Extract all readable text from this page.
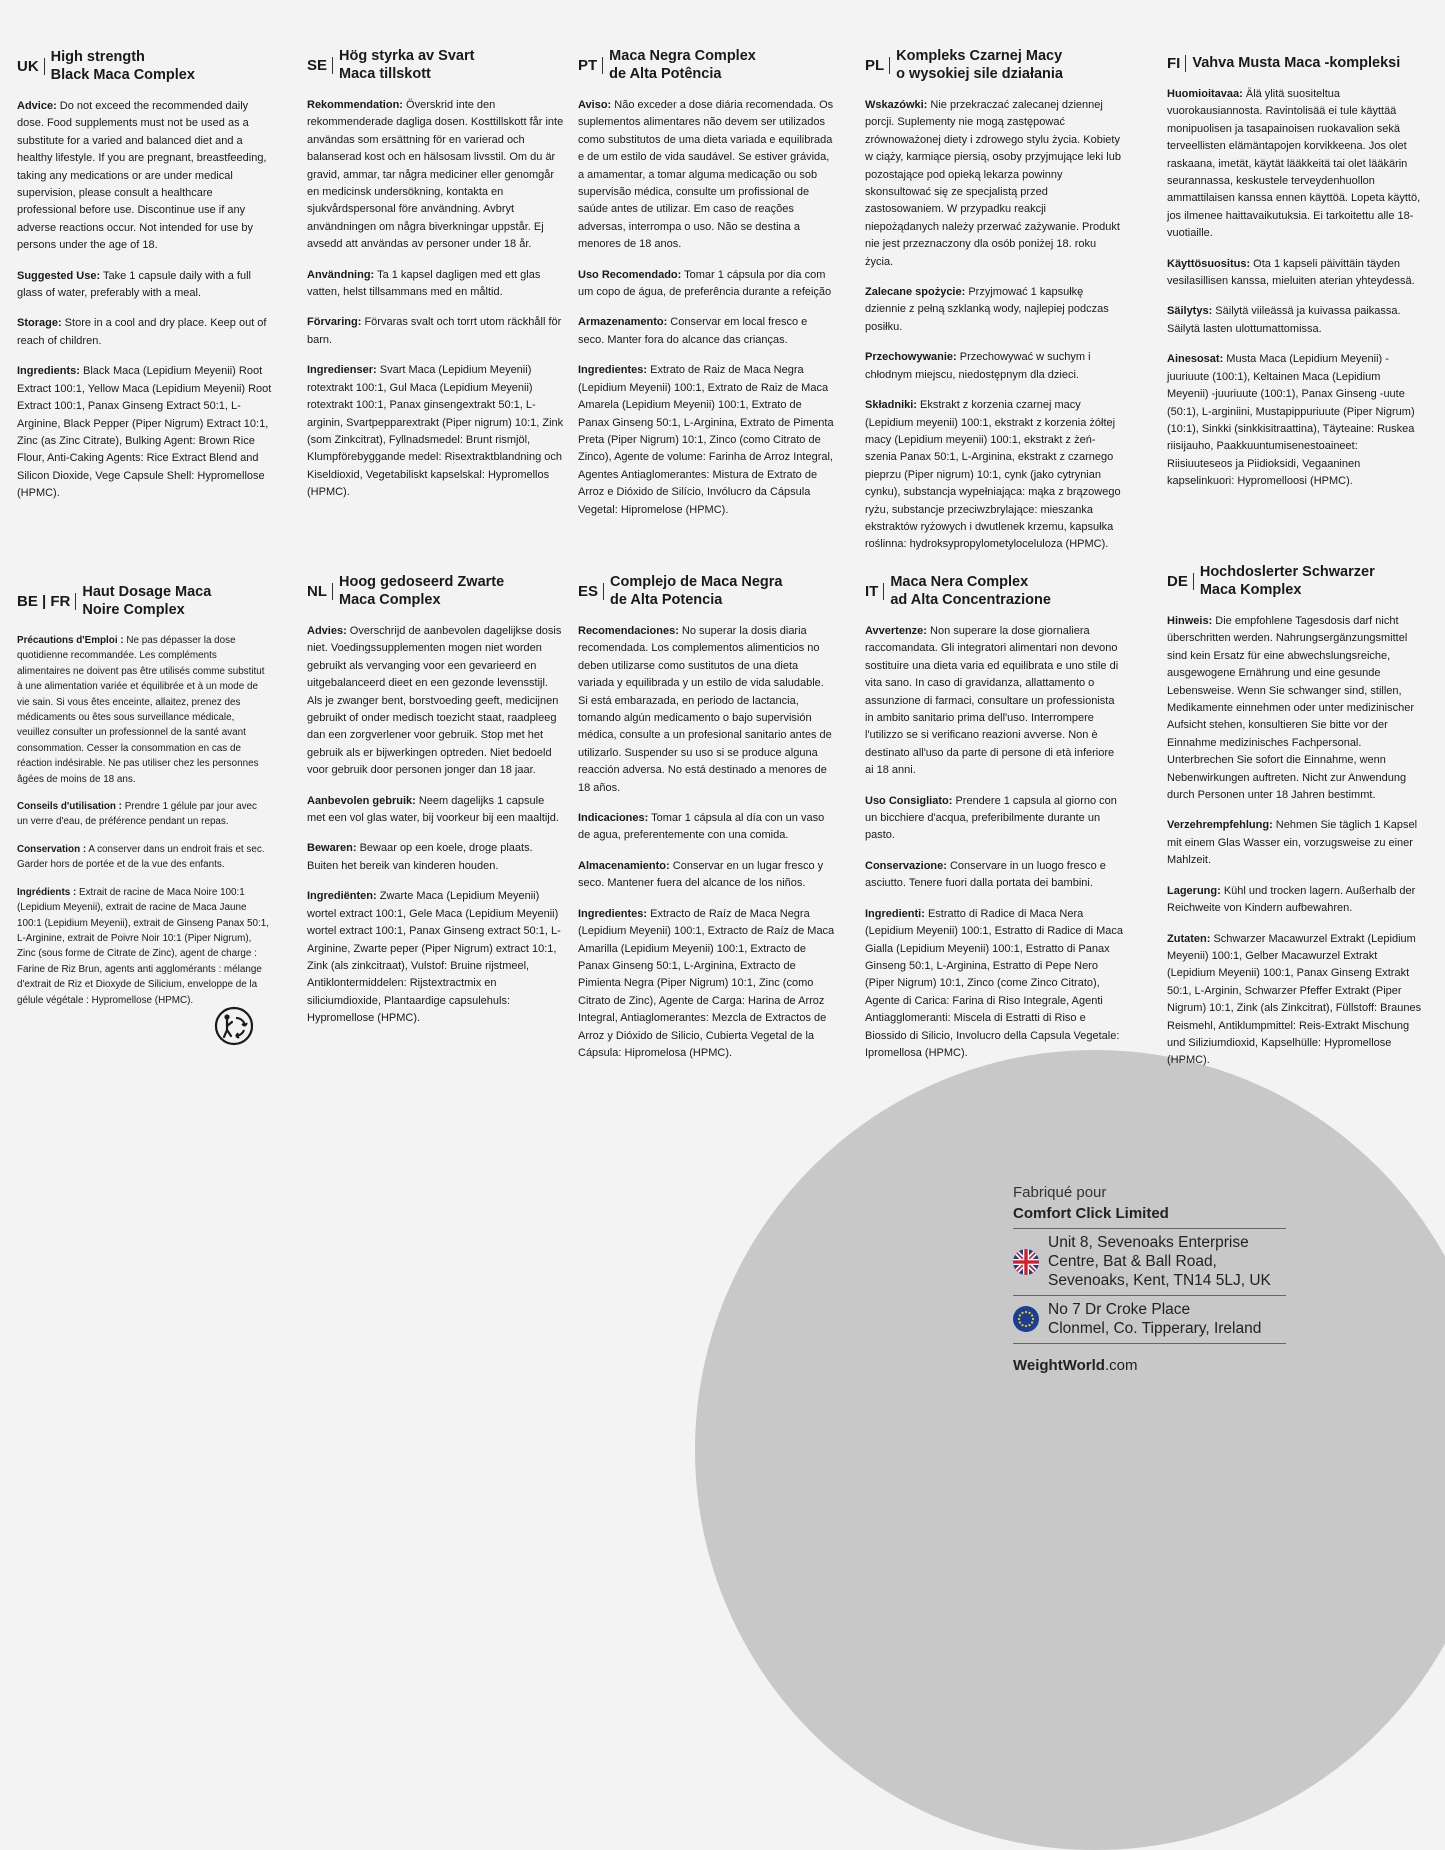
UK
High strength
Black Maca Complex

Advice: Do not exceed the recommended daily dose. Food supplements must not be used as a substitute for a varied and balanced diet and a healthy lifestyle. If you are pregnant, breastfeeding, taking any medications or are under medical supervision, please consult a healthcare professional before use. Discontinue use if any adverse reactions occur. Not intended for use by persons under the age of 18.

Suggested Use: Take 1 capsule daily with a full glass of water, preferably with a meal.

Storage: Store in a cool and dry place. Keep out of reach of children.

Ingredients: Black Maca (Lepidium Meyenii) Root Extract 100:1, Yellow Maca (Lepidium Meyenii) Root Extract 100:1, Panax Ginseng Extract 50:1, L-Arginine, Black Pepper (Piper Nigrum) Extract 10:1, Zinc (as Zinc Citrate), Bulking Agent: Brown Rice Flour, Anti-Caking Agents: Rice Extract Blend and Silicon Dioxide, Vege Capsule Shell: Hypromellose (HPMC).

SE
Hög styrka av Svart
Maca tillskott

Rekommendation: Överskrid inte den rekommenderade dagliga dosen. Kosttillskott får inte användas som ersättning för en varierad och balanserad kost och en hälsosam livsstil. Om du är gravid, ammar, tar några mediciner eller genomgår en medicinsk undersökning, kontakta en sjukvårdspersonal före användning. Avbryt användningen om några biverkningar uppstår. Ej avsedd att användas av personer under 18 år.

Användning: Ta 1 kapsel dagligen med ett glas vatten, helst tillsammans med en måltid.

Förvaring: Förvaras svalt och torrt utom räckhåll för barn.

Ingredienser: Svart Maca (Lepidium Meyenii) rotextrakt 100:1, Gul Maca (Lepidium Meyenii) rotextrakt 100:1, Panax ginsengextrakt 50:1, L-arginin, Svartpepparextrakt (Piper nigrum) 10:1, Zink (som Zinkcitrat), Fyllnadsmedel: Brunt rismjöl, Klumpförebyggande medel: Risextraktblandning och Kiseldioxid, Vegetabiliskt kapselskal: Hypromellos (HPMC).

PT
Maca Negra Complex
de Alta Potência

Aviso: Não exceder a dose diária recomendada. Os suplementos alimentares não devem ser utilizados como substitutos de uma dieta variada e equilibrada e de um estilo de vida saudável. Se estiver grávida, a amamentar, a tomar alguma medicação ou sob supervisão médica, consulte um profissional de saúde antes de utilizar. Em caso de reações adversas, interrompa o uso. Não se destina a menores de 18 anos.

Uso Recomendado: Tomar 1 cápsula por dia com um copo de água, de preferência durante a refeição

Armazenamento: Conservar em local fresco e seco. Manter fora do alcance das crianças.

Ingredientes: Extrato de Raiz de Maca Negra (Lepidium Meyenii) 100:1, Extrato de Raiz de Maca Amarela (Lepidium Meyenii) 100:1, Extrato de Panax Ginseng 50:1, L-Arginina, Extrato de Pimenta Preta (Piper Nigrum) 10:1, Zinco (como Citrato de Zinco), Agente de volume: Farinha de Arroz Integral, Agentes Antiaglomerantes: Mistura de Extrato de Arroz e Dióxido de Silício, Invólucro da Cápsula Vegetal: Hipromelose (HPMC).

PL
Kompleks Czarnej Macy
o wysokiej sile działania

Wskazówki: Nie przekraczać zalecanej dziennej porcji. Suplementy nie mogą zastępować zrównoważonej diety i zdrowego stylu życia. Kobiety w ciąży, karmiące piersią, osoby przyjmujące leki lub pozostające pod opieką lekarza powinny skonsultować się ze specjalistą przed zastosowaniem. W przypadku reakcji niepożądanych należy przerwać zażywanie. Produkt nie jest przeznaczony dla osób poniżej 18. roku życia.

Zalecane spożycie: Przyjmować 1 kapsułkę dziennie z pełną szklanką wody, najlepiej podczas posiłku.

Przechowywanie: Przechowywać w suchym i chłodnym miejscu, niedostępnym dla dzieci.

Składniki: Ekstrakt z korzenia czarnej macy (Lepidium meyenii) 100:1, ekstrakt z korzenia żółtej macy (Lepidium meyenii) 100:1, ekstrakt z żeń-szenia Panax 50:1, L-Arginina, ekstrakt z czarnego pieprzu (Piper nigrum) 10:1, cynk (jako cytrynian cynku), substancja wypełniająca: mąka z brązowego ryżu, substancje przeciwzbrylające: mieszanka ekstraktów ryżowych i dwutlenek krzemu, kapsułka roślinna: hydroksypropylometyloceluloza (HPMC).

FI Vahva Musta Maca -kompleksi

Huomioitavaa: Älä ylitä suositeltua vuorokausiannosta. Ravintolisää ei tule käyttää monipuolisen ja tasapainoisen ruokavalion sekä terveellisten elämäntapojen korvikkeena. Jos olet raskaana, imetät, käytät lääkkeitä tai olet lääkärin seurannassa, keskustele terveydenhuollon ammattilaisen kanssa ennen käyttöä. Lopeta käyttö, jos ilmenee haittavaikutuksia. Ei tarkoitettu alle 18-vuotiaille.

Käyttösuositus: Ota 1 kapseli päivittäin täyden vesilasillisen kanssa, mieluiten aterian yhteydessä.

Säilytys: Säilytä viileässä ja kuivassa paikassa. Säilytä lasten ulottumattomissa.

Ainesosat: Musta Maca (Lepidium Meyenii) -juuriuute (100:1), Keltainen Maca (Lepidium Meyenii) -juuriuute (100:1), Panax Ginseng -uute (50:1), L-arginiini, Mustapippuriuute (Piper Nigrum) (10:1), Sinkki (sinkkisitraattina), Täyteaine: Ruskea riisijauho, Paakkuuntumisenestoaineet: Riisiuuteseos ja Piidioksidi, Vegaaninen kapselinkuori: Hypromelloosi (HPMC).

BE | FR
Haut Dosage Maca
Noire Complex

Précautions d'Emploi : Ne pas dépasser la dose quotidienne recommandée. Les compléments alimentaires ne doivent pas être utilisés comme substitut à une alimentation variée et équilibrée et à un mode de vie sain. Si vous êtes enceinte, allaitez, prenez des médicaments ou êtes sous surveillance médicale, veuillez consulter un professionnel de la santé avant consommation. Cesser la consommation en cas de réaction indésirable. Ne pas utiliser chez les personnes âgées de moins de 18 ans.

Conseils d'utilisation : Prendre 1 gélule par jour avec un verre d'eau, de préférence pendant un repas.

Conservation : A conserver dans un endroit frais et sec. Garder hors de portée et de la vue des enfants.

Ingrédients : Extrait de racine de Maca Noire 100:1 (Lepidium Meyenii), extrait de racine de Maca Jaune 100:1 (Lepidium Meyenii), extrait de Ginseng Panax 50:1, L-Arginine, extrait de Poivre Noir 10:1 (Piper Nigrum), Zinc (sous forme de Citrate de Zinc), agent de charge : Farine de Riz Brun, agents anti agglomérants : mélange d'extrait de Riz et Dioxyde de Silicium, enveloppe de la gélule végétale : Hypromellose (HPMC).

NL
Hoog gedoseerd Zwarte
Maca Complex

Advies: Overschrijd de aanbevolen dagelijkse dosis niet. Voedingssupplementen mogen niet worden gebruikt als vervanging voor een gevarieerd en uitgebalanceerd dieet en een gezonde levensstijl. Als je zwanger bent, borstvoeding geeft, medicijnen gebruikt of onder medisch toezicht staat, raadpleeg dan een zorgverlener voor gebruik. Stop met het gebruik als er bijwerkingen optreden. Niet bedoeld voor gebruik door personen jonger dan 18 jaar.

Aanbevolen gebruik: Neem dagelijks 1 capsule met een vol glas water, bij voorkeur bij een maaltijd.

Bewaren: Bewaar op een koele, droge plaats. Buiten het bereik van kinderen houden.

Ingrediënten: Zwarte Maca (Lepidium Meyenii) wortel extract 100:1, Gele Maca (Lepidium Meyenii) wortel extract 100:1, Panax Ginseng extract 50:1, L-Arginine, Zwarte peper (Piper Nigrum) extract 10:1, Zink (als zinkcitraat), Vulstof: Bruine rijstmeel, Antiklontermiddelen: Rijstextractmix en siliciumdioxide, Plantaardige capsulehuls: Hypromellose (HPMC).

ES
Complejo de Maca Negra
de Alta Potencia

Recomendaciones: No superar la dosis diaria recomendada. Los complementos alimenticios no deben utilizarse como sustitutos de una dieta variada y equilibrada y un estilo de vida saludable. Si está embarazada, en periodo de lactancia, tomando algún medicamento o bajo supervisión médica, consulte a un profesional sanitario antes de utilizarlo. Suspender su uso si se produce alguna reacción adversa. No está destinado a menores de 18 años.

Indicaciones: Tomar 1 cápsula al día con un vaso de agua, preferentemente con una comida.

Almacenamiento: Conservar en un lugar fresco y seco. Mantener fuera del alcance de los niños.

Ingredientes: Extracto de Raíz de Maca Negra (Lepidium Meyenii) 100:1, Extracto de Raíz de Maca Amarilla (Lepidium Meyenii) 100:1, Extracto de Panax Ginseng 50:1, L-Arginina, Extracto de Pimienta Negra (Piper Nigrum) 10:1, Zinc (como Citrato de Zinc), Agente de Carga: Harina de Arroz Integral, Antiaglomerantes: Mezcla de Extractos de Arroz y Dióxido de Silicio, Cubierta Vegetal de la Cápsula: Hipromelosa (HPMC).

IT
Maca Nera Complex
ad Alta Concentrazione

Avvertenze: Non superare la dose giornaliera raccomandata. Gli integratori alimentari non devono sostituire una dieta varia ed equilibrata e uno stile di vita sano. In caso di gravidanza, allattamento o assunzione di farmaci, consultare un professionista in ambito sanitario prima dell'uso. Interrompere l'utilizzo se si verificano reazioni avverse. Non è destinato all'uso da parte di persone di età inferiore ai 18 anni.

Uso Consigliato: Prendere 1 capsula al giorno con un bicchiere d'acqua, preferibilmente durante un pasto.

Conservazione: Conservare in un luogo fresco e asciutto. Tenere fuori dalla portata dei bambini.

Ingredienti: Estratto di Radice di Maca Nera (Lepidium Meyenii) 100:1, Estratto di Radice di Maca Gialla (Lepidium Meyenii) 100:1, Estratto di Panax Ginseng 50:1, L-Arginina, Estratto di Pepe Nero (Piper Nigrum) 10:1, Zinco (come Zinco Citrato), Agente di Carica: Farina di Riso Integrale, Agenti Antiagglomeranti: Miscela di Estratti di Riso e Biossido di Silicio, Involucro della Capsula Vegetale: Ipromellosa (HPMC).

DE
Hochdoslerter Schwarzer
Maca Komplex

Hinweis: Die empfohlene Tagesdosis darf nicht überschritten werden. Nahrungsergänzungsmittel sind kein Ersatz für eine abwechslungsreiche, ausgewogene Ernährung und eine gesunde Lebensweise. Wenn Sie schwanger sind, stillen, Medikamente einnehmen oder unter medizinischer Aufsicht stehen, konsultieren Sie bitte vor der Einnahme medizinisches Fachpersonal. Unterbrechen Sie sofort die Einnahme, wenn Nebenwirkungen auftreten. Nicht zur Anwendung durch Personen unter 18 Jahren bestimmt.

Verzehrempfehlung: Nehmen Sie täglich 1 Kapsel mit einem Glas Wasser ein, vorzugsweise zu einer Mahlzeit.

Lagerung: Kühl und trocken lagern. Außerhalb der Reichweite von Kindern aufbewahren.

Zutaten: Schwarzer Macawurzel Extrakt (Lepidium Meyenii) 100:1, Gelber Macawurzel Extrakt (Lepidium Meyenii) 100:1, Panax Ginseng Extrakt 50:1, L-Arginin, Schwarzer Pfeffer Extrakt (Piper Nigrum) 10:1, Zink (als Zinkcitrat), Füllstoff: Braunes Reismehl, Antiklumpmittel: Reis-Extrakt Mischung und Siliziumdioxid, Kapselhülle: Hypromellose (HPMC).

Fabriqué pour
Comfort Click Limited
Unit 8, Sevenoaks Enterprise
Centre, Bat & Ball Road,
Sevenoaks, Kent, TN14 5LJ, UK
No 7 Dr Croke Place
Clonmel, Co. Tipperary, Ireland
WeightWorld.com
